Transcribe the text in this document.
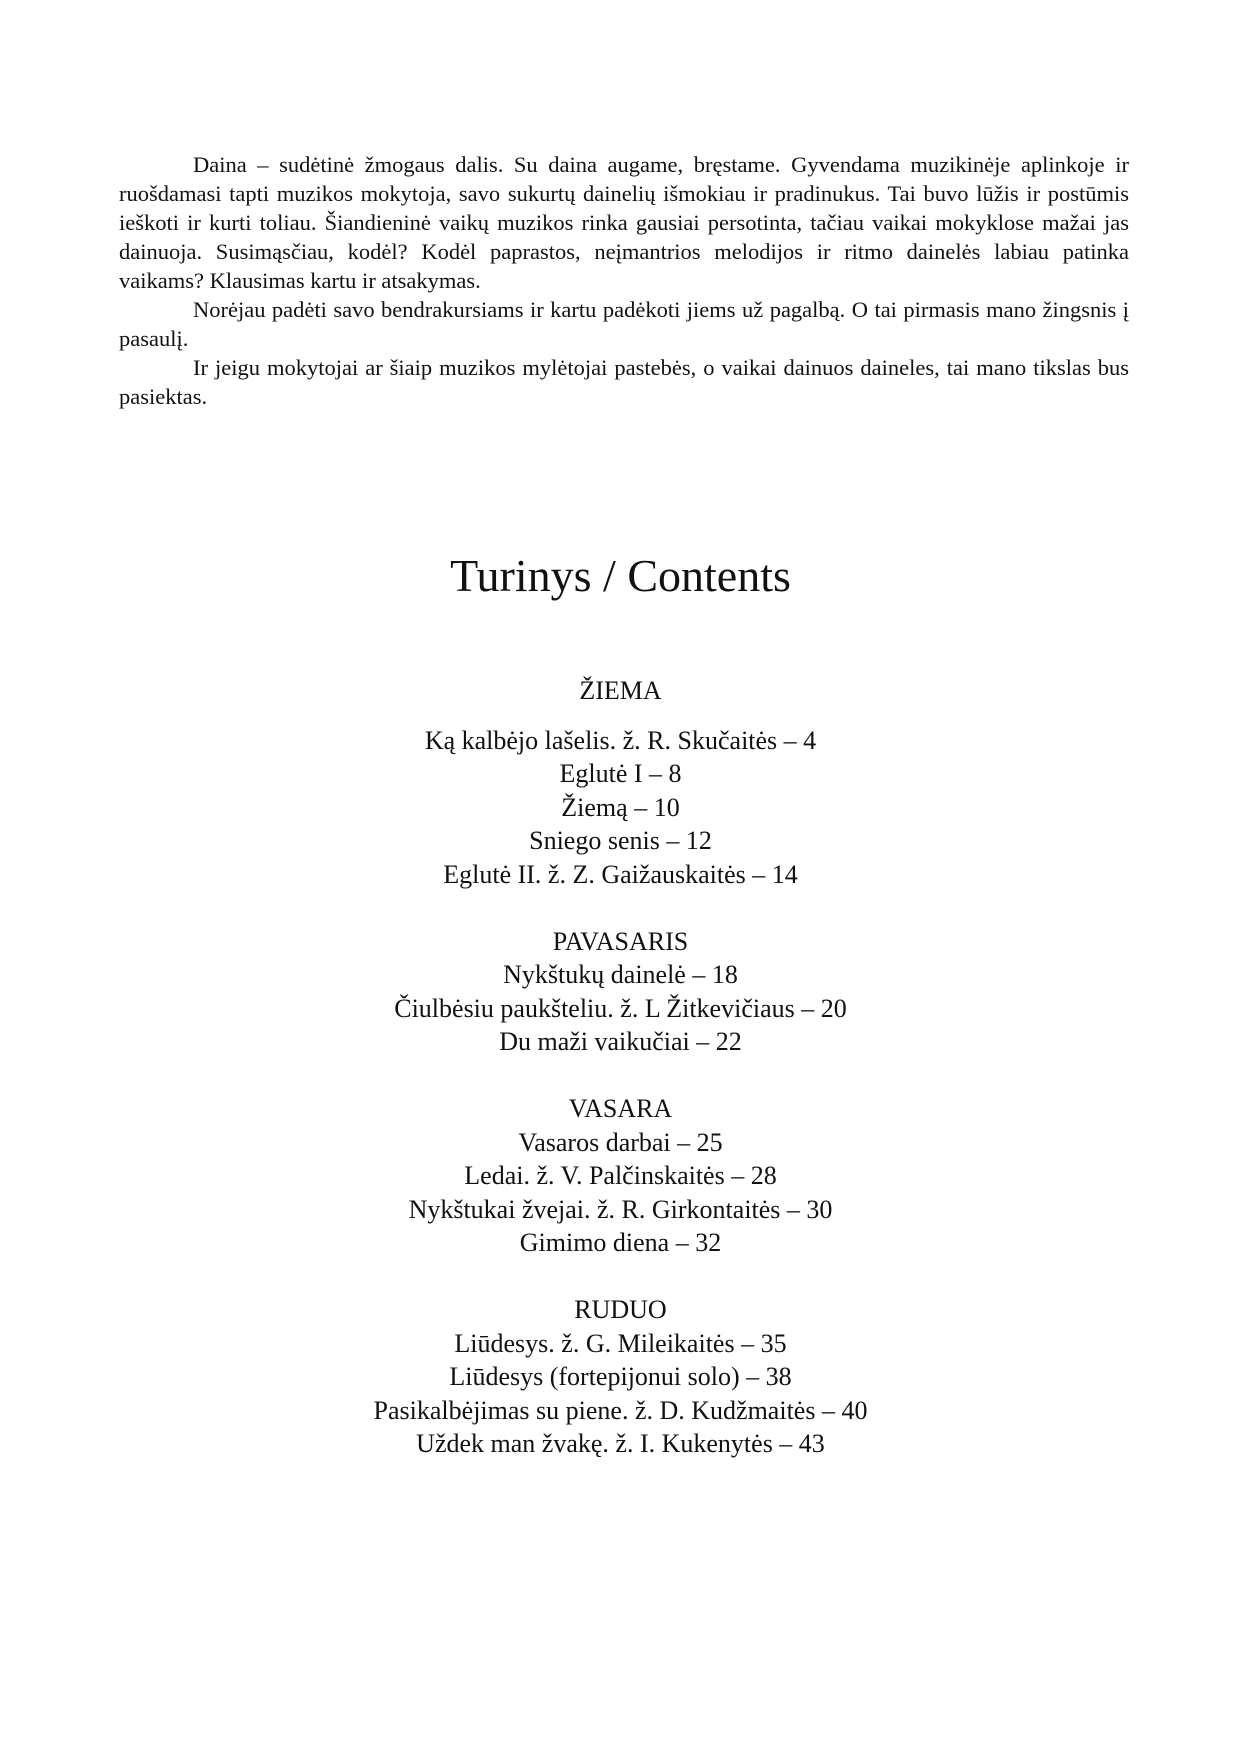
Daina – sudėtinė žmogaus dalis. Su daina augame, bręstame. Gyvendama muzikinėje aplinkoje ir ruošdamasi tapti muzikos mokytoja, savo sukurtų dainelių išmokiau ir pradinukus. Tai buvo lūžis ir postūmis ieškoti ir kurti toliau. Šiandieninė vaikų muzikos rinka gausiai persotinta, tačiau vaikai mokyklose mažai jas dainuoja. Susimąsčiau, kodėl? Kodėl paprastos, neįmantrios melodijos ir ritmo dainelės labiau patinka vaikams? Klausimas kartu ir atsakymas.

Norėjau padėti savo bendrakursiams ir kartu padėkoti jiems už pagalbą. O tai pirmasis mano žingsnis į pasaulį.

Ir jeigu mokytojai ar šiaip muzikos mylėtojai pastebės, o vaikai dainuos daineles, tai mano tikslas bus pasiektas.

Turinys / Contents

ŽIEMA

Ką kalbėjo lašelis. ž. R. Skučaitės – 4

Eglutė I – 8

Žiemą – 10

Sniego senis – 12

Eglutė II. ž. Z. Gaižauskaitės – 14

PAVASARIS

Nykštukų dainelė – 18

Čiulbėsiu paukšteliu. ž. L Žitkevičiaus – 20

Du maži vaikučiai – 22

VASARA

Vasaros darbai – 25

Ledai. ž. V. Palčinskaitės – 28

Nykštukai žvejai. ž. R. Girkontaitės – 30

Gimimo diena – 32

RUDUO

Liūdesys. ž. G. Mileikaitės – 35

Liūdesys (fortepijonui solo) – 38

Pasikalbėjimas su piene. ž. D. Kudžmaitės – 40

Uždek man žvakę. ž. I. Kukenytės – 43
